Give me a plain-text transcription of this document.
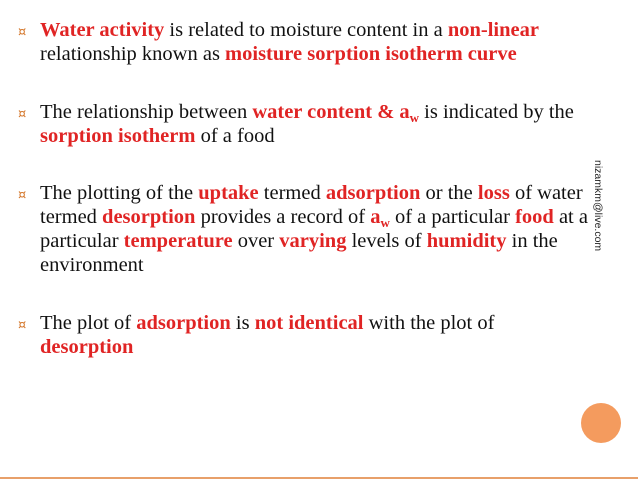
¤ Water activity is related to moisture content in a non-linear relationship known as moisture sorption isotherm curve
¤ The relationship between water content & $a_w$ is indicated by the sorption isotherm of a food
¤ The plotting of the uptake termed adsorption or the loss of water termed desorption provides a record of $a_w$ of a particular food at a particular temperature over varying levels of humidity in the environment
¤ The plot of adsorption is not identical with the plot of desorption
nizamkm@live.com
